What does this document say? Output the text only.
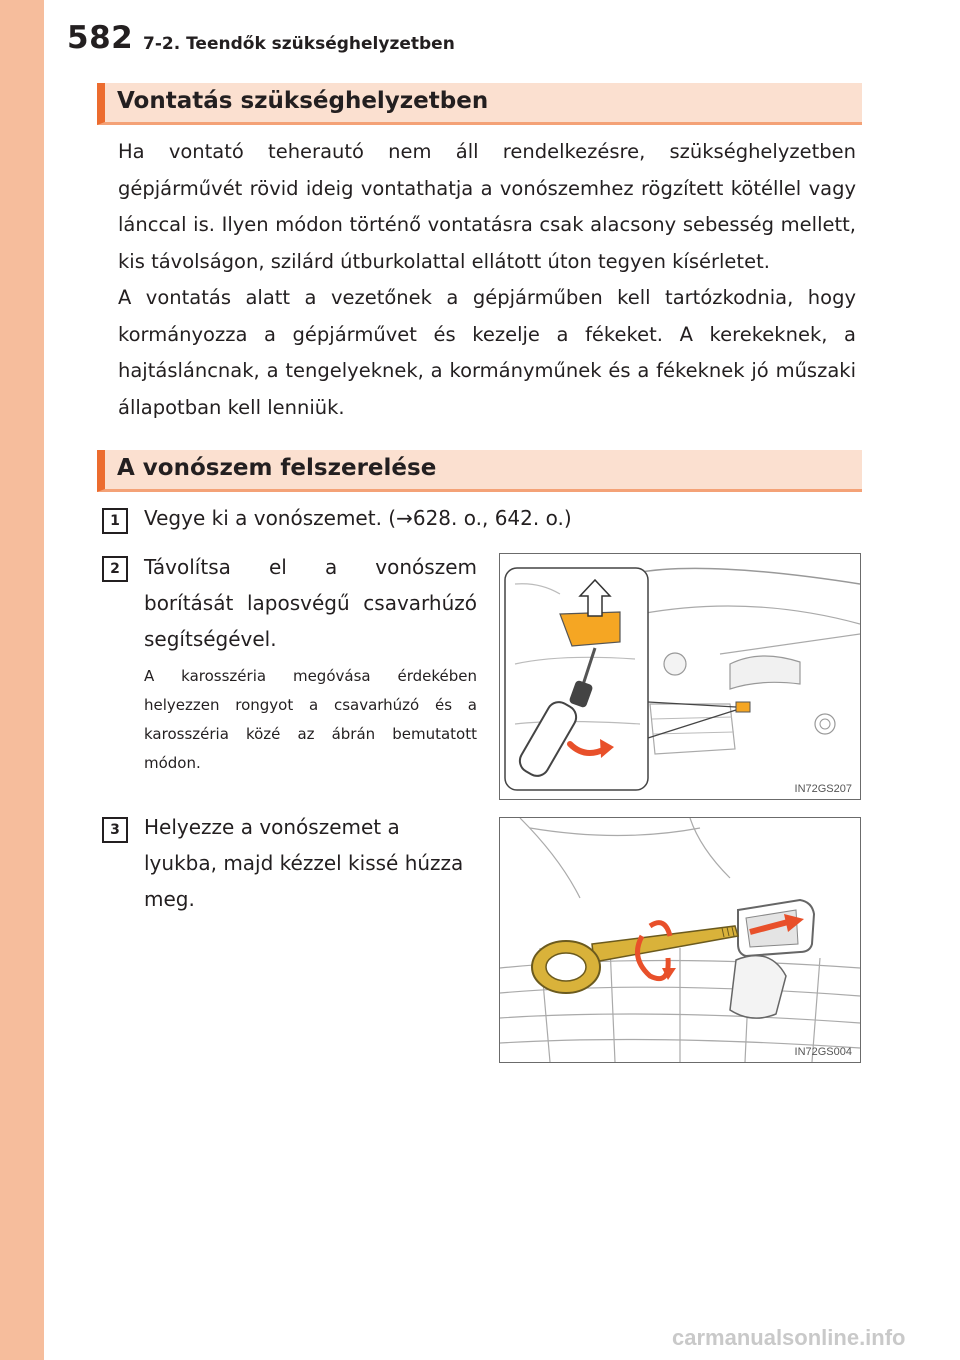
582 7-2. Teendők szükséghelyzetben
Vontatás szükséghelyzetben
Ha vontató teherautó nem áll rendelkezésre, szükséghelyzetben gépjárművét rövid ideig vontathatja a vonószemhez rögzített kötéllel vagy lánccal is. Ilyen módon történő vontatásra csak alacsony sebesség mellett, kis távolságon, szilárd útburkolattal ellátott úton tegyen kísérletet.
A vontatás alatt a vezetőnek a gépjárműben kell tartózkodnia, hogy kormányozza a gépjárművet és kezelje a fékeket. A kerekeknek, a hajtásláncnak, a tengelyeknek, a kormányműnek és a fékeknek jó műszaki állapotban kell lenniük.
A vonószem felszerelése
1	Vegye ki a vonószemet. (→628. o., 642. o.)
2	Távolítsa el a vonószem borítását laposvégű csavarhúzó segítségével.
A karosszéria megóvása érdekében helyezzen rongyot a csavarhúzó és a karosszéria közé az ábrán bemutatott módon.
IN72GS207
3	Helyezze a vonószemet a lyukba, majd kézzel kissé húzza meg.
IN72GS004
carmanualsonline.info
